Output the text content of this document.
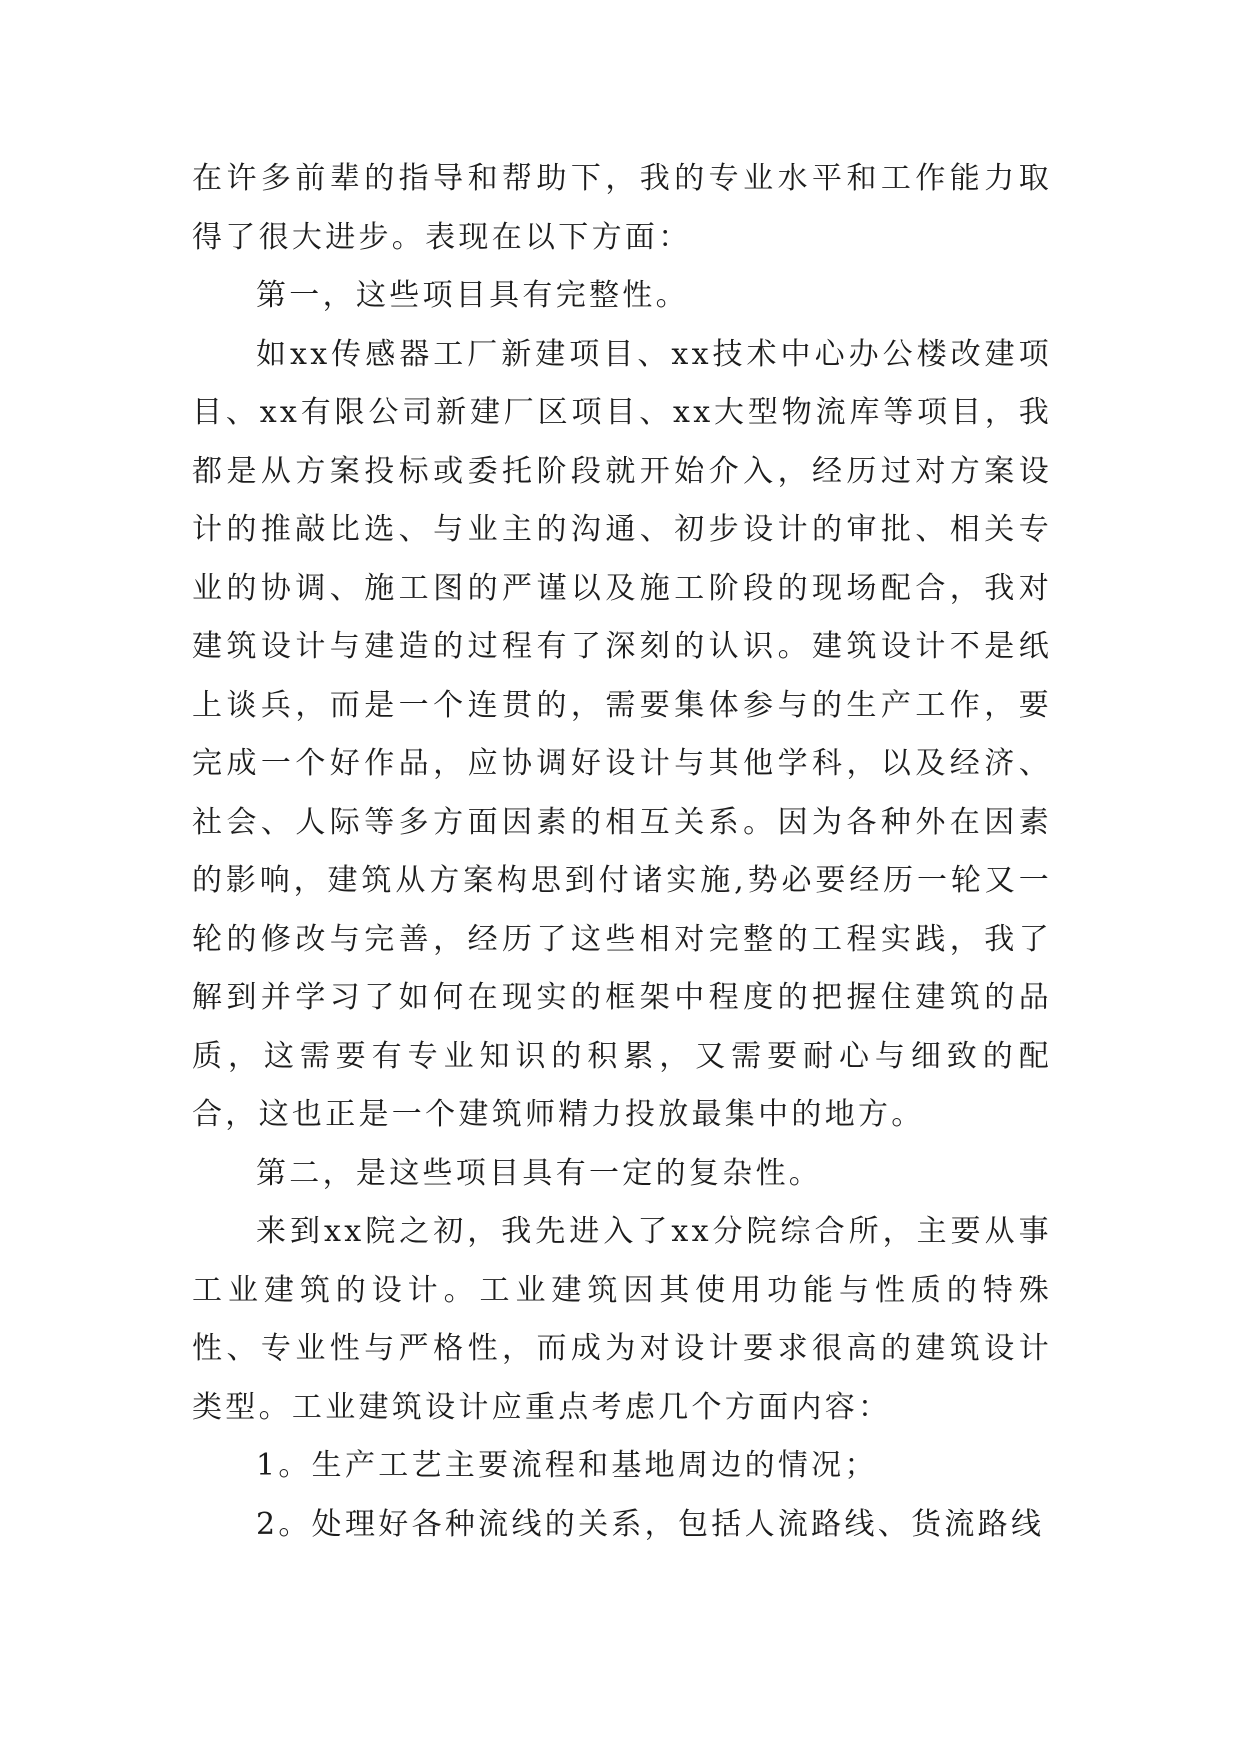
在许多前辈的指导和帮助下，我的专业水平和工作能力取得了很大进步。表现在以下方面：

第一，这些项目具有完整性。

如xx传感器工厂新建项目、xx技术中心办公楼改建项目、xx有限公司新建厂区项目、xx大型物流库等项目，我都是从方案投标或委托阶段就开始介入，经历过对方案设计的推敲比选、与业主的沟通、初步设计的审批、相关专业的协调、施工图的严谨以及施工阶段的现场配合，我对建筑设计与建造的过程有了深刻的认识。建筑设计不是纸上谈兵，而是一个连贯的，需要集体参与的生产工作，要完成一个好作品，应协调好设计与其他学科，以及经济、社会、人际等多方面因素的相互关系。因为各种外在因素的影响，建筑从方案构思到付诸实施,势必要经历一轮又一轮的修改与完善，经历了这些相对完整的工程实践，我了解到并学习了如何在现实的框架中程度的把握住建筑的品质，这需要有专业知识的积累，又需要耐心与细致的配合，这也正是一个建筑师精力投放最集中的地方。

第二，是这些项目具有一定的复杂性。

来到xx院之初，我先进入了xx分院综合所，主要从事工业建筑的设计。工业建筑因其使用功能与性质的特殊性、专业性与严格性，而成为对设计要求很高的建筑设计类型。工业建筑设计应重点考虑几个方面内容：

1。生产工艺主要流程和基地周边的情况；

2。处理好各种流线的关系，包括人流路线、货流路线
